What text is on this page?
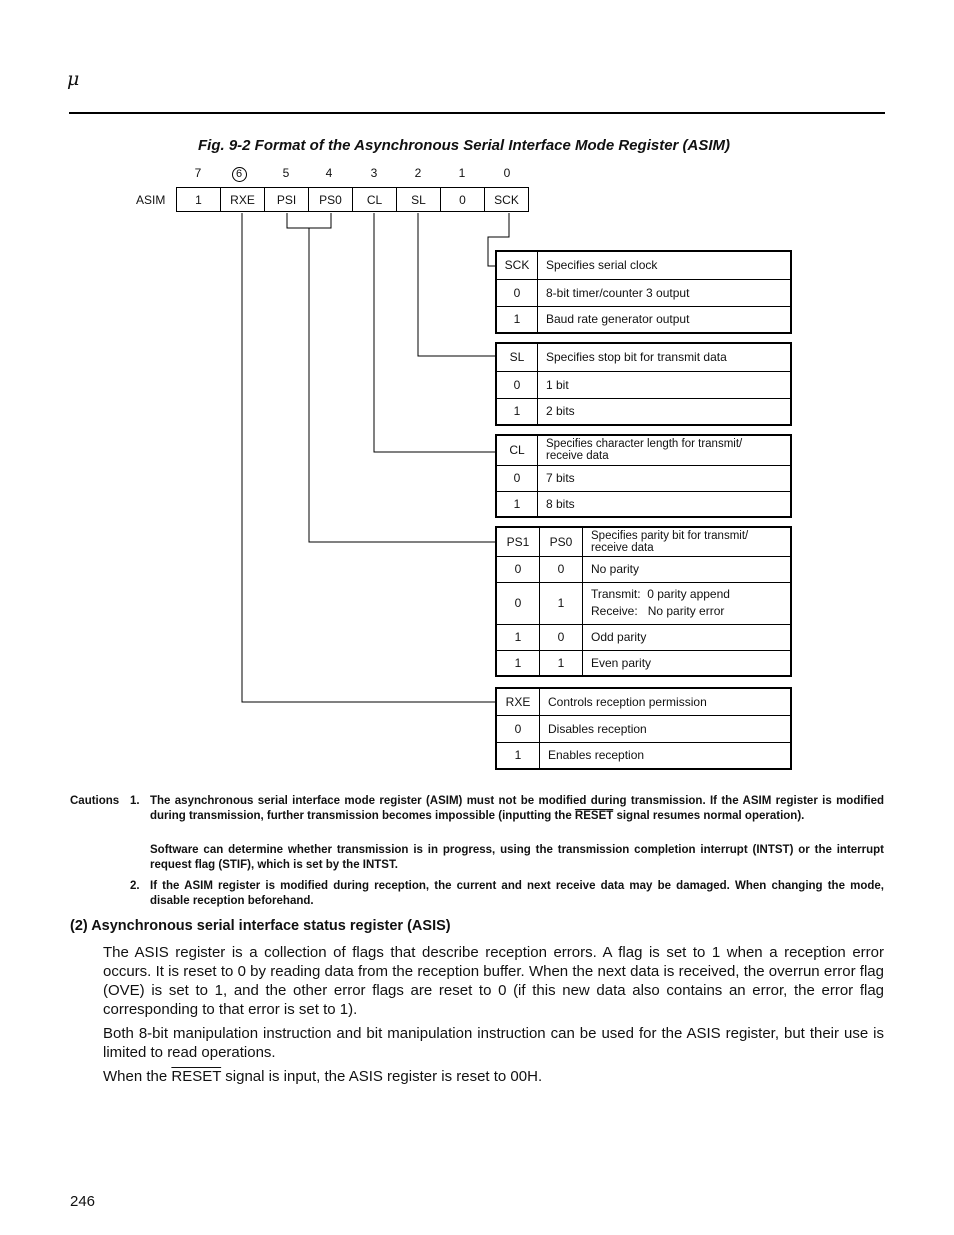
μ
Fig. 9-2 Format of the Asynchronous Serial Interface Mode Register (ASIM)
7	6	5	4	3	2	1	0
ASIM 1	RXE	PSI	PS0	CL	SL	0	SCK
SCK	Specifies serial clock
0	8-bit timer/counter 3 output
1	Baud rate generator output
SL	Specifies stop bit for transmit data
0	1 bit
1	2 bits
CL	Specifies character length for transmit/
receive data
0	7 bits
1	8 bits
PS1	PS0	Specifies parity bit for transmit/
receive data
0	0	No parity
0	1	Transmit:  0 parity append
Receive:   No parity error
1	0	Odd parity
1	1	Even parity
RXE	Controls reception permission
0	Disables reception
1	Enables reception
Cautions 1. The asynchronous serial interface mode register (ASIM) must not be modified during transmission. If the ASIM register is modified during transmission, further transmission becomes impossible (inputting the RESET signal resumes normal operation).
Software can determine whether transmission is in progress, using the transmission completion interrupt (INTST) or the interrupt request flag (STIF), which is set by the INTST.
2. If the ASIM register is modified during reception, the current and next receive data may be damaged. When changing the mode, disable reception beforehand.
(2) Asynchronous serial interface status register (ASIS)
The ASIS register is a collection of flags that describe reception errors. A flag is set to 1 when a reception error occurs. It is reset to 0 by reading data from the reception buffer. When the next data is received, the overrun error flag (OVE) is set to 1, and the other error flags are reset to 0 (if this new data also contains an error, the error flag corresponding to that error is set to 1).
Both 8-bit manipulation instruction and bit manipulation instruction can be used for the ASIS register, but their use is limited to read operations.
When the RESET signal is input, the ASIS register is reset to 00H.
246
